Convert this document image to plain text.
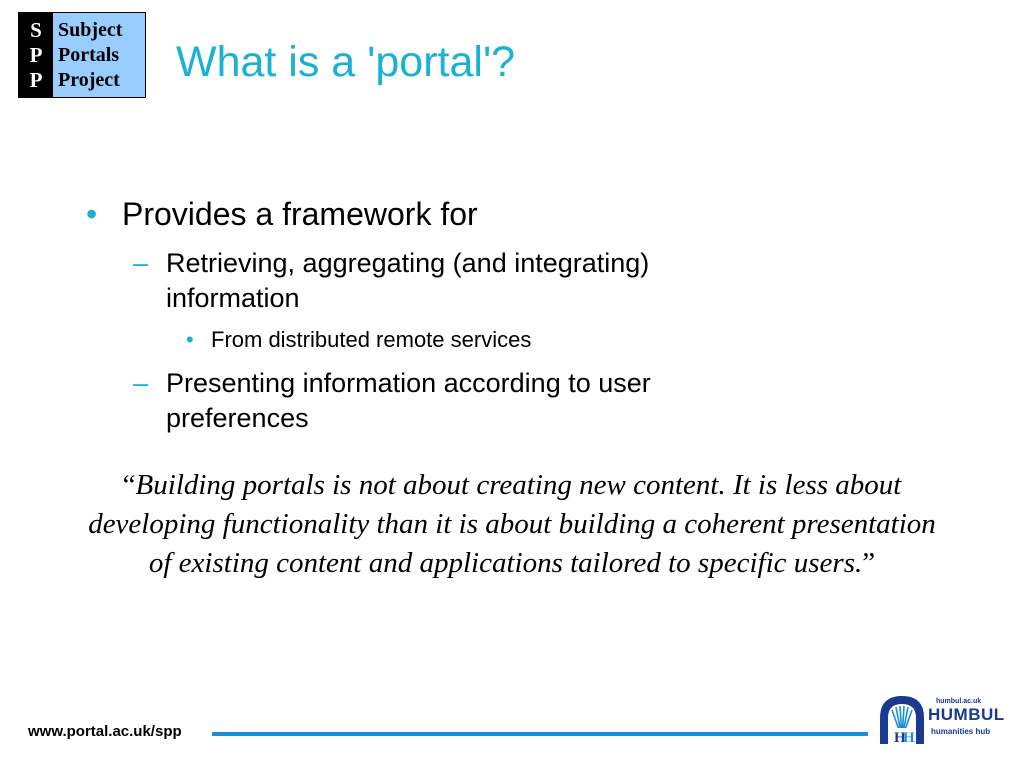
S
P
P
Subject
Portals
Project	What is a 'portal'?
• Provides a framework for
– Retrieving, aggregating (and integrating)
information
• From distributed remote services
– Presenting information according to user
preferences
“Building portals is not about creating new content. It is less about developing functionality than it is about building a coherent presentation of existing content and applications tailored to specific users.”
www.portal.ac.uk/spp	H
H
humbul.ac.uk
HUMBUL
humanities hub
